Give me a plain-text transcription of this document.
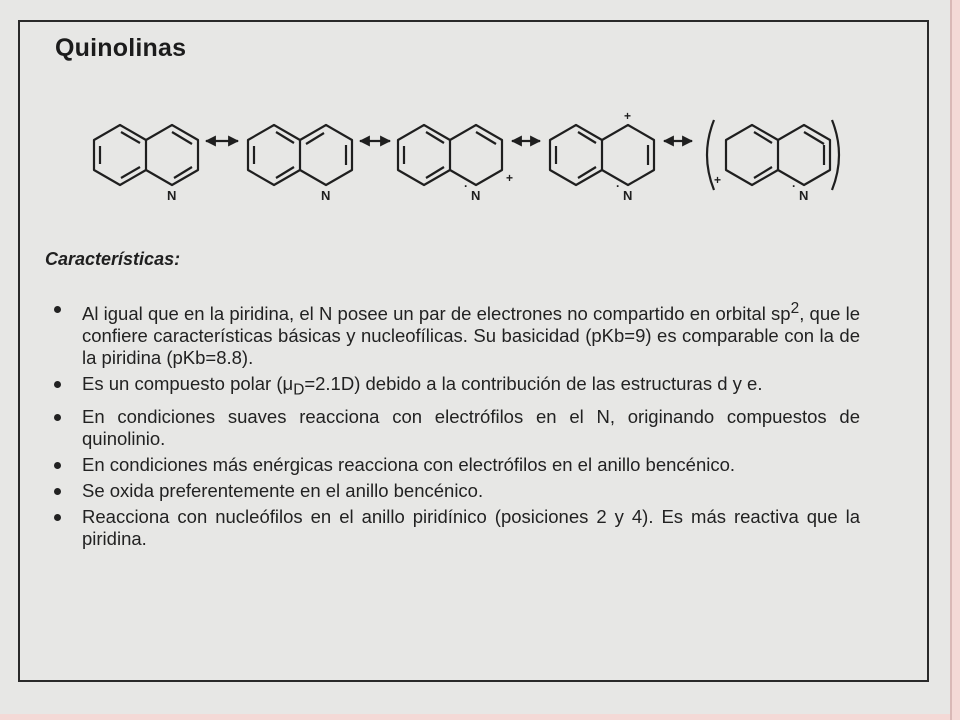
Quinolinas
N	N	N
·
+
N
·
+
N
·
+
Características:
Al igual que en la piridina, el N posee un par de electrones no compartido en orbital $sp^2$, que le confiere características básicas y nucleofílicas. Su basicidad (pKb=9) es comparable con la de la piridina (pKb=8.8).
Es un compuesto polar $(\mu_D=2.1D)$ debido a la contribución de las estructuras d y e.
En condiciones suaves reacciona con electrófilos en el N, originando compuestos de quinolinio.
En condiciones más enérgicas reacciona con electrófilos en el anillo bencénico.
Se oxida preferentemente en el anillo bencénico.
Reacciona con nucleófilos en el anillo piridínico (posiciones 2 y 4). Es más reactiva que la piridina.
